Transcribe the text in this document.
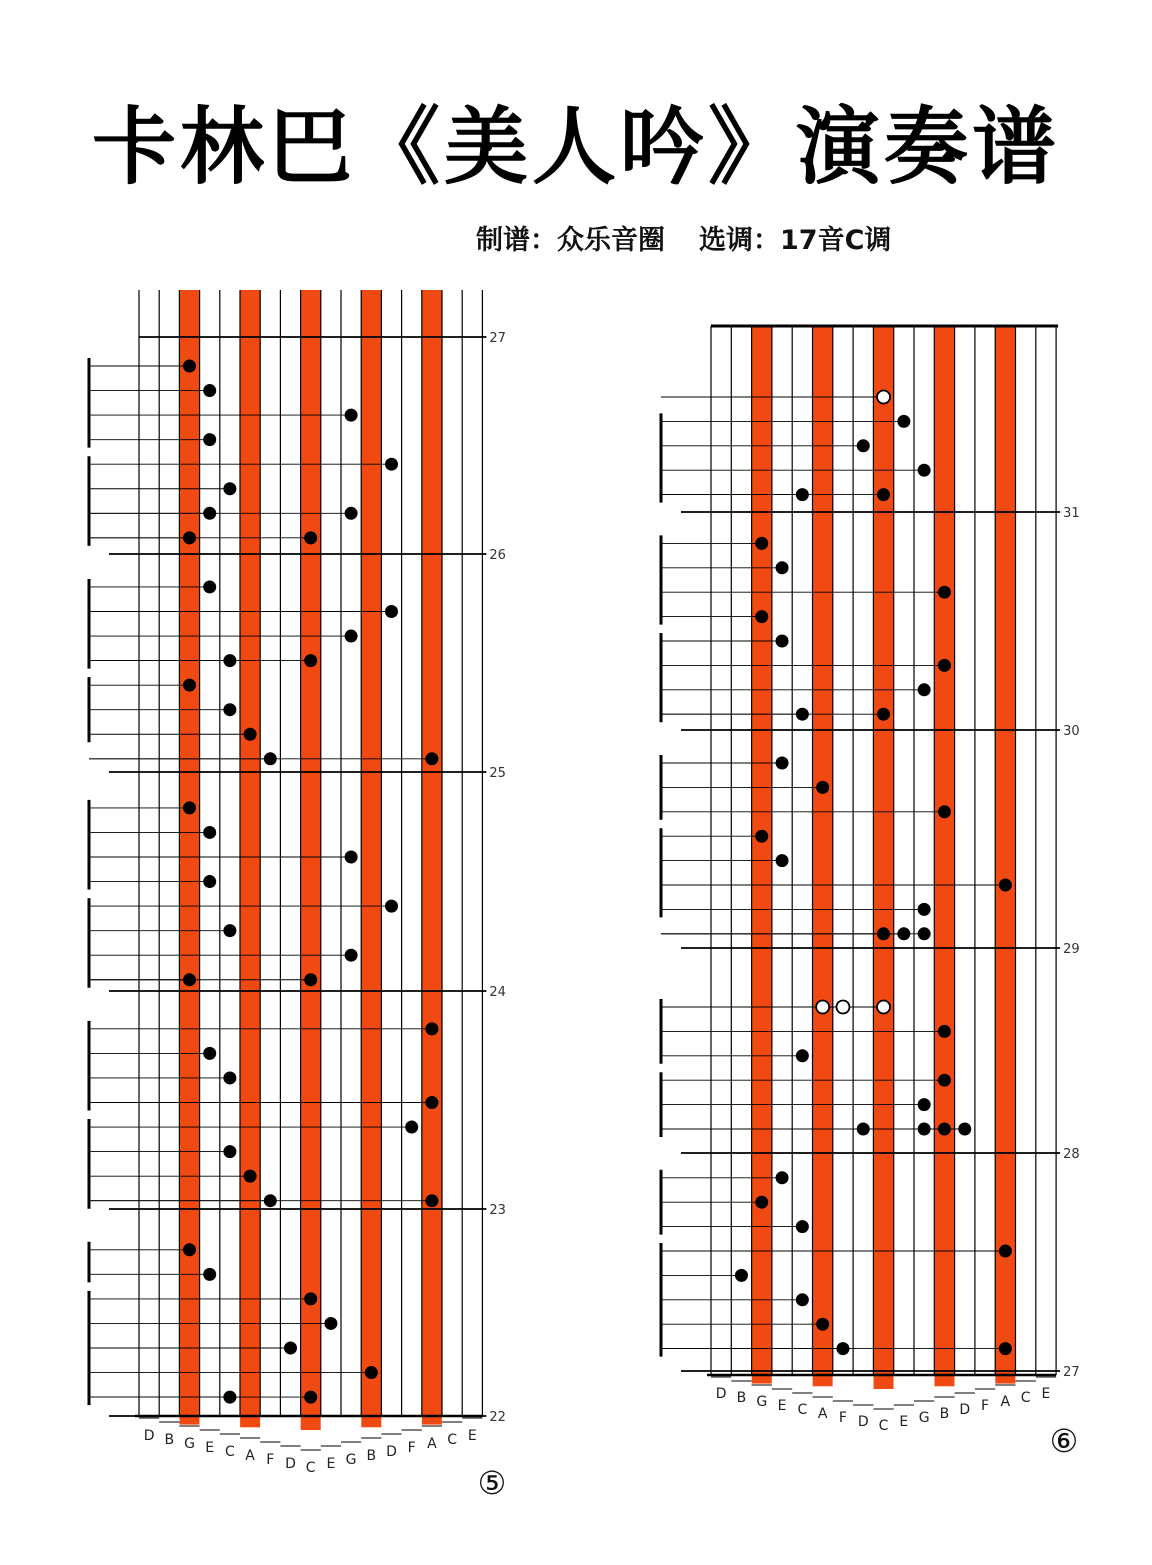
卡林巴《美人吟》演奏谱
制谱：众乐音圈 选调：17音C调
27
26
25
24
23
22
D B G E C A F D C E G B D F A C E
⑤
31
30
29
28
27
D B G E C A F D C E G B D F A C E
⑥
